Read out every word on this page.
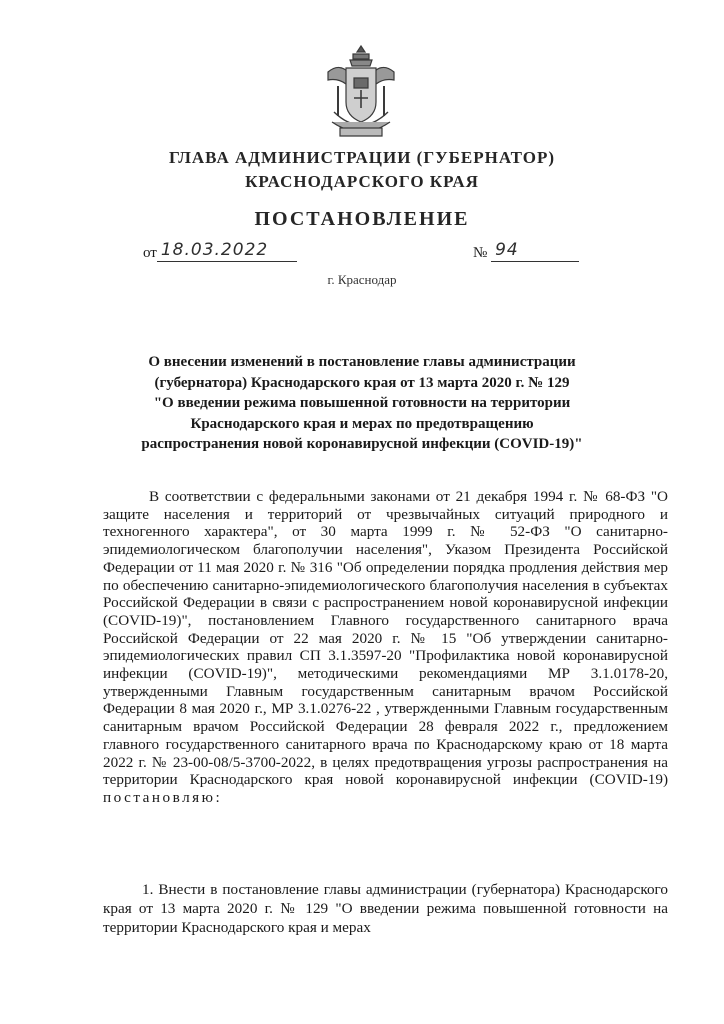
ГЛАВА АДМИНИСТРАЦИИ (ГУБЕРНАТОР)
КРАСНОДАРСКОГО КРАЯ
ПОСТАНОВЛЕНИЕ
от 18.03.2022	№ 94
г. Краснодар
О внесении изменений в постановление главы администрации
(губернатора) Краснодарского края от 13 марта 2020 г. № 129
"О введении режима повышенной готовности на территории
Краснодарского края и мерах по предотвращению
распространения новой коронавирусной инфекции (COVID-19)"

В соответствии с федеральными законами от 21 декабря 1994 г. № 68-ФЗ "О защите населения и территорий от чрезвычайных ситуаций природного и техногенного характера", от 30 марта 1999 г. № 52-ФЗ "О санитарно-эпидемиологическом благополучии населения", Указом Президента Российской Федерации от 11 мая 2020 г. № 316 "Об определении порядка продления действия мер по обеспечению санитарно-эпидемиологического благополучия населения в субъектах Российской Федерации в связи с распространением новой коронавирусной инфекции (COVID-19)", постановлением Главного государственного санитарного врача Российской Федерации от 22 мая 2020 г. № 15 "Об утверждении санитарно-эпидемиологических правил СП 3.1.3597-20 "Профилактика новой коронавирусной инфекции (COVID-19)", методическими рекомендациями МР 3.1.0178-20, утвержденными Главным государственным санитарным врачом Российской Федерации 8 мая 2020 г., МР 3.1.0276-22 , утвержденными Главным государственным санитарным врачом Российской Федерации 28 февраля 2022 г., предложением главного государственного санитарного врача по Краснодарскому краю от 18 марта 2022 г. № 23-00-08/5-3700-2022, в целях предотвращения угрозы распространения на территории Краснодарского края новой коронавирусной инфекции (COVID-19) постановляю:

1. Внести в постановление главы администрации (губернатора) Краснодарского края от 13 марта 2020 г. № 129 "О введении режима повышенной готовности на территории Краснодарского края и мерах
